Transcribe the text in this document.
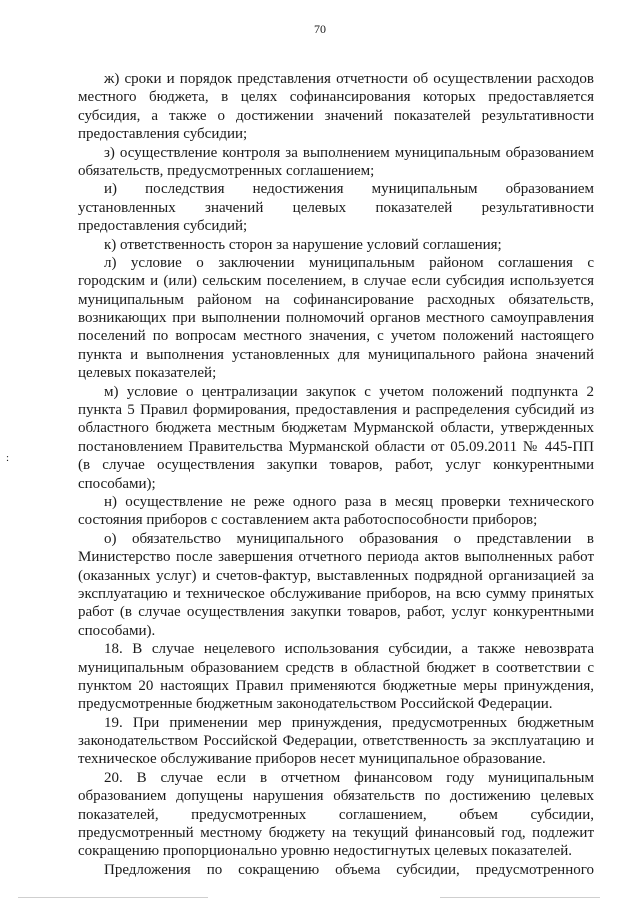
70
:
ж) сроки и порядок представления отчетности об осуществлении расходов
местного бюджета, в целях софинансирования которых предоставляется
субсидия, а также о достижении значений показателей результативности
предоставления субсидии;
з) осуществление контроля за выполнением муниципальным образованием
обязательств, предусмотренных соглашением;
и) последствия недостижения муниципальным образованием
установленных значений целевых показателей результативности
предоставления субсидий;
к) ответственность сторон за нарушение условий соглашения;
л) условие о заключении муниципальным районом соглашения с
городским и (или) сельским поселением, в случае если субсидия используется
муниципальным районом на софинансирование расходных обязательств,
возникающих при выполнении полномочий органов местного самоуправления
поселений по вопросам местного значения, с учетом положений настоящего
пункта и выполнения установленных для муниципального района значений
целевых показателей;
м) условие о централизации закупок с учетом положений подпункта 2
пункта 5 Правил формирования, предоставления и распределения субсидий из
областного бюджета местным бюджетам Мурманской области, утвержденных
постановлением Правительства Мурманской области от 05.09.2011 № 445-ПП
(в случае осуществления закупки товаров, работ, услуг конкурентными
способами);
н) осуществление не реже одного раза в месяц проверки технического
состояния приборов с составлением акта работоспособности приборов;
о) обязательство муниципального образования о представлении в
Министерство после завершения отчетного периода актов выполненных работ
(оказанных услуг) и счетов-фактур, выставленных подрядной организацией за
эксплуатацию и техническое обслуживание приборов, на всю сумму принятых
работ (в случае осуществления закупки товаров, работ, услуг конкурентными
способами).
18. В случае нецелевого использования субсидии, а также невозврата
муниципальным образованием средств в областной бюджет в соответствии с
пунктом 20 настоящих Правил применяются бюджетные меры принуждения,
предусмотренные бюджетным законодательством Российской Федерации.
19. При применении мер принуждения, предусмотренных бюджетным
законодательством Российской Федерации, ответственность за эксплуатацию и
техническое обслуживание приборов несет муниципальное образование.
20. В случае если в отчетном финансовом году муниципальным
образованием допущены нарушения обязательств по достижению целевых
показателей, предусмотренных соглашением, объем субсидии,
предусмотренный местному бюджету на текущий финансовый год, подлежит
сокращению пропорционально уровню недостигнутых целевых показателей.
Предложения по сокращению объема субсидии, предусмотренного
